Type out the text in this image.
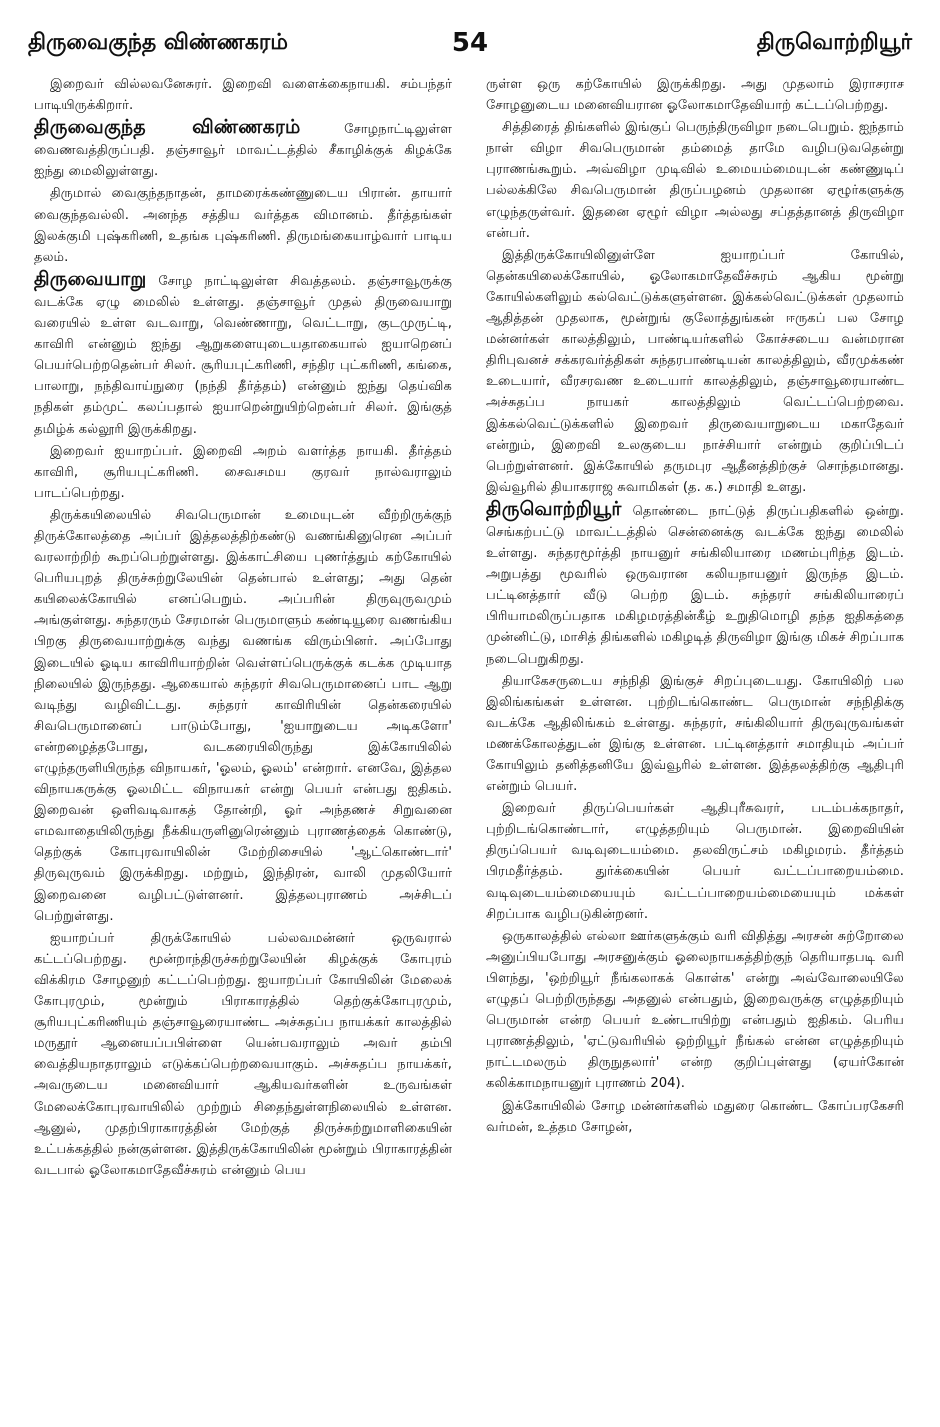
திருவைகுந்த விண்ணகரம்	54	திருவொற்றியூர்

இறைவர் வில்லவனேசுரர். இறைவி வளைக்கைநாயகி. சம்பந்தர் பாடியிருக்கிறார்.

திருவைகுந்த விண்ணகரம்	சோழநாட்டிலுள்ள வைணவத்திருப்பதி. தஞ்சாவூர் மாவட்டத்தில் சீகாழிக்குக் கிழக்கே ஐந்து மைலிலுள்ளது.

திருமால் வைகுந்தநாதன், தாமரைக்கண்ணுடைய பிரான். தாயார் வைகுந்தவல்லி. அனந்த சத்திய வர்த்தக விமானம். தீர்த்தங்கள் இலக்குமி புஷ்கரிணி, உதங்க புஷ்கரிணி. திருமங்கையாழ்வார் பாடிய தலம்.

திருவையாறு சோழ நாட்டிலுள்ள சிவத்தலம். தஞ்சாவூருக்கு வடக்கே ஏழு மைலில் உள்ளது. தஞ்சாவூர் முதல் திருவையாறு வரையில் உள்ள வடவாறு, வெண்ணாறு, வெட்டாறு, குடமுருட்டி, காவிரி என்னும் ஐந்து ஆறுகளையுடையதாகையால் ஐயாறெனப் பெயர்பெற்றதென்பர் சிலர். சூரியபுட்கரிணி, சந்திர புட்கரிணி, கங்கை, பாலாறு, நந்திவாய்நுரை (நந்தி தீர்த்தம்) என்னும் ஐந்து தெய்விக நதிகள் தம்முட் கலப்பதால் ஐயாறென்றுயிற்றென்பர் சிலர். இங்குத் தமிழ்க் கல்லூரி இருக்கிறது.

இறைவர் ஐயாறப்பர். இறைவி அறம் வளர்த்த நாயகி. தீர்த்தம் காவிரி, சூரியபுட்கரிணி. சைவசமய குரவர் நால்வராலும் பாடப்பெற்றது.

திருக்கயிலையில் சிவபெருமான் உமையுடன் வீற்றிருக்குந் திருக்கோலத்தை அப்பர் இத்தலத்திற்கண்டு வணங்கினுரென அப்பர் வரலாற்றிற் கூறப்பெற்றுள்ளது. இக்காட்சியை புணர்த்தும் கற்கோயில் பெரியபுறத் திருச்சுற்றுலேயின் தென்பால் உள்ளது; அது தென் கயிலைக்கோயில் எனப்பெறும். அப்பரின் திருவுருவமும் அங்குள்ளது. சுந்தரரும் சேரமான் பெருமாளும் கண்டியூரை வணங்கிய பிறகு திருவையாற்றுக்கு வந்து வணங்க விரும்பினர். அப்போது இடையில் ஓடிய காவிரியாற்றின் வெள்ளப்பெருக்குக் கடக்க முடியாத நிலையில் இருந்தது. ஆகையால் சுந்தரர் சிவபெருமானைப் பாட ஆறு வடிந்து வழிவிட்டது. சுந்தரர் காவிரியின் தென்கரையில் சிவபெருமானைப் பாடும்போது, 'ஐயாறுடைய அடிகளோ' என்றழைத்தபோது, வடகரையிலிருந்து இக்கோயிலில் எழுந்தருளியிருந்த விநாயகர், 'ஓலம், ஓலம்' என்றார். எனவே, இத்தல விநாயகருக்கு ஓலமிட்ட விநாயகர் என்று பெயர் என்பது ஐதிகம். இறைவன் ஒளிவடிவாகத் தோன்றி, ஓர் அந்தணச் சிறுவனை எமவாதையிலிருந்து நீக்கியருளினுரென்னும் புராணத்தைக் கொண்டு, தெற்குக் கோபுரவாயிலின் மேற்றிசையில் 'ஆட்கொண்டார்' திருவுருவம் இருக்கிறது. மற்றும், இந்திரன், வாலி முதலியோர் இறைவனை வழிபட்டுள்ளனர். இத்தலபுராணம் அச்சிடப் பெற்றுள்ளது.

ஐயாறப்பர் திருக்கோயில் பல்லவமன்னர் ஒருவரால் கட்டப்பெற்றது. மூன்றாந்திருச்சுற்றுலேயின் கிழக்குக் கோபுரம் விக்கிரம சோழனுற் கட்டப்பெற்றது. ஐயாறப்பர் கோயிலின் மேலைக் கோபுரமும், மூன்றும் பிராகாரத்தில் தெற்குக்கோபுரமும், சூரியபுட்கரிணியும் தஞ்சாவூரையாண்ட அச்சுதப்ப நாயக்கர் காலத்தில் மருதூர் ஆனையப்பபிள்ளை யென்பவராலும் அவர் தம்பி வைத்தியநாதராலும் எடுக்கப்பெற்றவையாகும். அச்சுதப்ப நாயக்கர், அவருடைய மனைவியார் ஆகியவர்களின் உருவங்கள் மேலைக்கோபுரவாயிலில் முற்றும் சிதைந்துள்ளநிலையில் உள்ளன. ஆனுல், முதற்பிராகாரத்தின் மேற்குத் திருச்சுற்றுமாளிகையின் உட்பக்கத்தில் நன்குள்ளன. இத்திருக்கோயிலின் மூன்றும் பிராகாரத்தின் வடபால் ஓலோகமாதேவீச்சுரம் என்னும் பெய

ருள்ள ஒரு கற்கோயில் இருக்கிறது. அது முதலாம் இராசராச சோழனுடைய மனைவியரான ஓலோகமாதேவியாற் கட்டப்பெற்றது.

சித்திரைத் திங்களில் இங்குப் பெருந்திருவிழா நடைபெறும். ஐந்தாம் நாள் விழா சிவபெருமான் தம்மைத் தாமே வழிபடுவதென்று புராணங்கூறும். அவ்விழா முடிவில் உமையம்மையுடன் கண்ணுடிப் பல்லக்கிலே சிவபெருமான் திருப்பழனம் முதலான ஏழூர்களுக்கு எழுந்தருள்வர். இதனை ஏழூர் விழா அல்லது சப்தத்தானத் திருவிழா என்பர்.

இத்திருக்கோயிலினுள்ளே ஐயாறப்பர் கோயில், தென்கயிலைக்கோயில், ஓலோகமாதேவீச்சுரம் ஆகிய மூன்று கோயில்களிலும் கல்வெட்டுக்களுள்ளன. இக்கல்வெட்டுக்கள் முதலாம் ஆதித்தன் முதலாக, மூன்றுங் குலோத்துங்கன் ஈருகப் பல சோழ மன்னர்கள் காலத்திலும், பாண்டியர்களில் கோச்சடைய வன்மரான திரிபுவனச் சக்கரவர்த்திகள் சுந்தரபாண்டியன் காலத்திலும், வீரமுக்கண் உடையார், வீரசரவண உடையார் காலத்திலும், தஞ்சாவூரையாண்ட அச்சுதப்ப நாயகர் காலத்திலும் வெட்டப்பெற்றவை. இக்கல்வெட்டுக்களில் இறைவர் திருவையாறுடைய மகாதேவர் என்றும், இறைவி உலகுடைய நாச்சியார் என்றும் குறிப்பிடப் பெற்றுள்ளனர். இக்கோயில் தருமபுர ஆதீனத்திற்குச் சொந்தமானது. இவ்வூரில் தியாகராஜ சுவாமிகள் (த. க.) சமாதி உளது.

திருவொற்றியூர் தொண்டை நாட்டுத் திருப்பதிகளில் ஒன்று. செங்கற்பட்டு மாவட்டத்தில் சென்னைக்கு வடக்கே ஐந்து மைலில் உள்ளது. சுந்தரமூர்த்தி நாயனுர் சங்கிலியாரை மணம்புரிந்த இடம். அறுபத்து மூவரில் ஒருவரான கலியநாயனுர் இருந்த இடம். பட்டினத்தார் வீடு பெற்ற இடம். சுந்தரர் சங்கிலியாரைப் பிரியாமலிருப்பதாக மகிழமரத்தின்கீழ் உறுதிமொழி தந்த ஐதிகத்தை முன்னிட்டு, மாசித் திங்களில் மகிழடித் திருவிழா இங்கு மிகச் சிறப்பாக நடைபெறுகிறது.

தியாகேசருடைய சந்நிதி இங்குச் சிறப்புடையது. கோயிலிற் பல இலிங்கங்கள் உள்ளன. புற்றிடங்கொண்ட பெருமான் சந்நிதிக்கு வடக்கே ஆதிலிங்கம் உள்ளது. சுந்தரர், சங்கிலியார் திருவுருவங்கள் மணக்கோலத்துடன் இங்கு உள்ளன. பட்டினத்தார் சமாதியும் அப்பர் கோயிலும் தனித்தனியே இவ்வூரில் உள்ளன. இத்தலத்திற்கு ஆதிபுரி என்றும் பெயர்.

இறைவர் திருப்பெயர்கள் ஆதிபுரீசுவரர், படம்பக்கநாதர், புற்றிடங்கொண்டார், எழுத்தறியும் பெருமான். இறைவியின் திருப்பெயர் வடிவுடையம்மை. தலவிருட்சம் மகிழமரம். தீர்த்தம் பிரமதீர்த்தம். துர்க்கையின் பெயர் வட்டப்பாறையம்மை. வடிவுடையம்மையையும் வட்டப்பாறையம்மையையும் மக்கள் சிறப்பாக வழிபடுகின்றனர்.

ஒருகாலத்தில் எல்லா ஊர்களுக்கும் வரி விதித்து அரசன் சுற்றோலை அனுப்பியபோது அரசனுக்கும் ஓலைநாயகத்திற்குந் தெரியாதபடி வரி பிளந்து, 'ஒற்றியூர் நீங்கலாகக் கொள்க' என்று அவ்வோலையிலே எழுதப் பெற்றிருந்தது அதனுல் என்பதும், இறைவருக்கு எழுத்தறியும் பெருமான் என்ற பெயர் உண்டாயிற்று என்பதும் ஐதிகம். பெரிய புராணத்திலும், 'ஏட்டுவரியில் ஒற்றியூர் நீங்கல் என்ன எழுத்தறியும் நாட்டமலரும் திருநுதலார்' என்ற குறிப்புள்ளது (ஏயர்கோன் கலிக்காமநாயனுர் புராணம் 204).

இக்கோயிலில் சோழ மன்னர்களில் மதுரை கொண்ட கோப்பரகேசரி வர்மன், உத்தம சோழன்,
